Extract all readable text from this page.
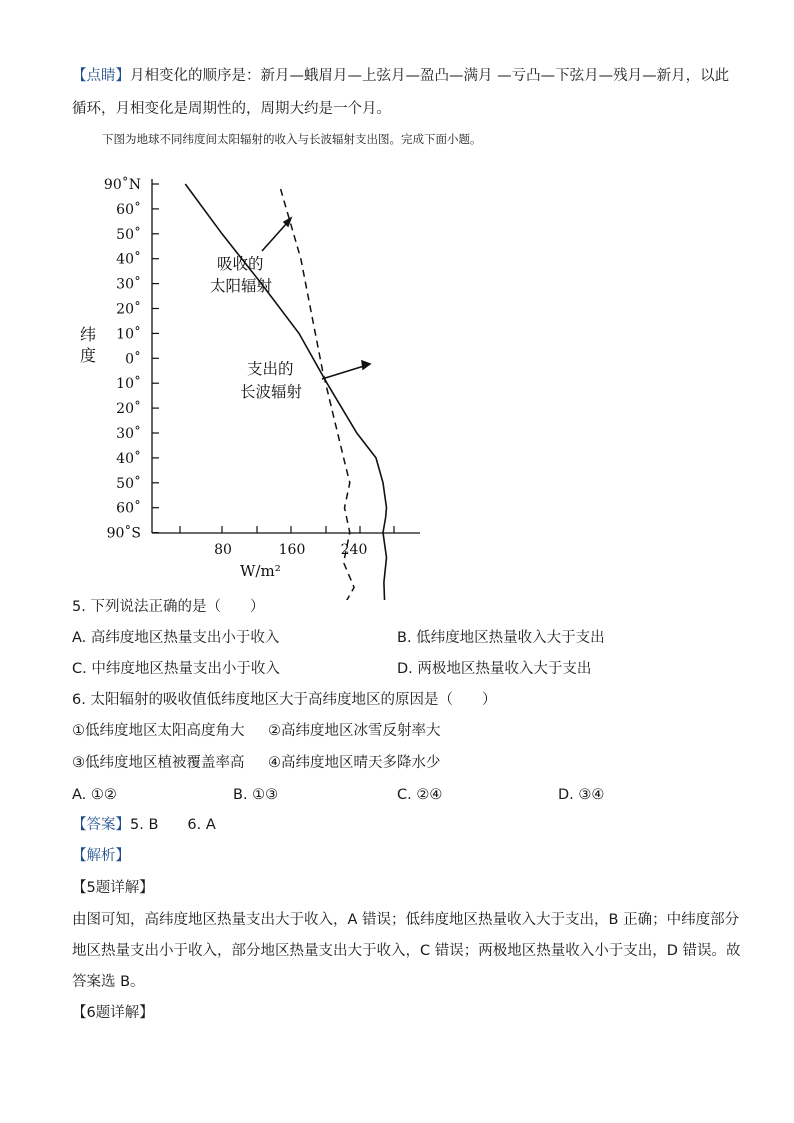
【点睛】月相变化的顺序是：新月—蛾眉月—上弦月—盈凸—满月 —亏凸—下弦月—残月—新月，以此
循环，月相变化是周期性的，周期大约是一个月。
下图为地球不同纬度间太阳辐射的收入与长波辐射支出图。完成下面小题。
90˚N
60˚
50˚
40˚
30˚
20˚
10˚
0˚
10˚
20˚
30˚
40˚
50˚
60˚
90˚S
80	160	240
纬
度
W/m²
吸收的
太阳辐射
支出的
长波辐射
5. 下列说法正确的是（　　）
A. 高纬度地区热量支出小于收入	B. 低纬度地区热量收入大于支出
C. 中纬度地区热量支出小于收入	D. 两极地区热量收入大于支出
6. 太阳辐射的吸收值低纬度地区大于高纬度地区的原因是（　　）
①低纬度地区太阳高度角大 ②高纬度地区冰雪反射率大
③低纬度地区植被覆盖率高 ④高纬度地区晴天多降水少
A. ①②	B. ①③	C. ②④	D. ③④
【答案】5. B　　6. A
【解析】
【5题详解】
由图可知，高纬度地区热量支出大于收入，A 错误；低纬度地区热量收入大于支出，B 正确；中纬度部分
地区热量支出小于收入，部分地区热量支出大于收入，C 错误；两极地区热量收入小于支出，D 错误。故
答案选 B。
【6题详解】
